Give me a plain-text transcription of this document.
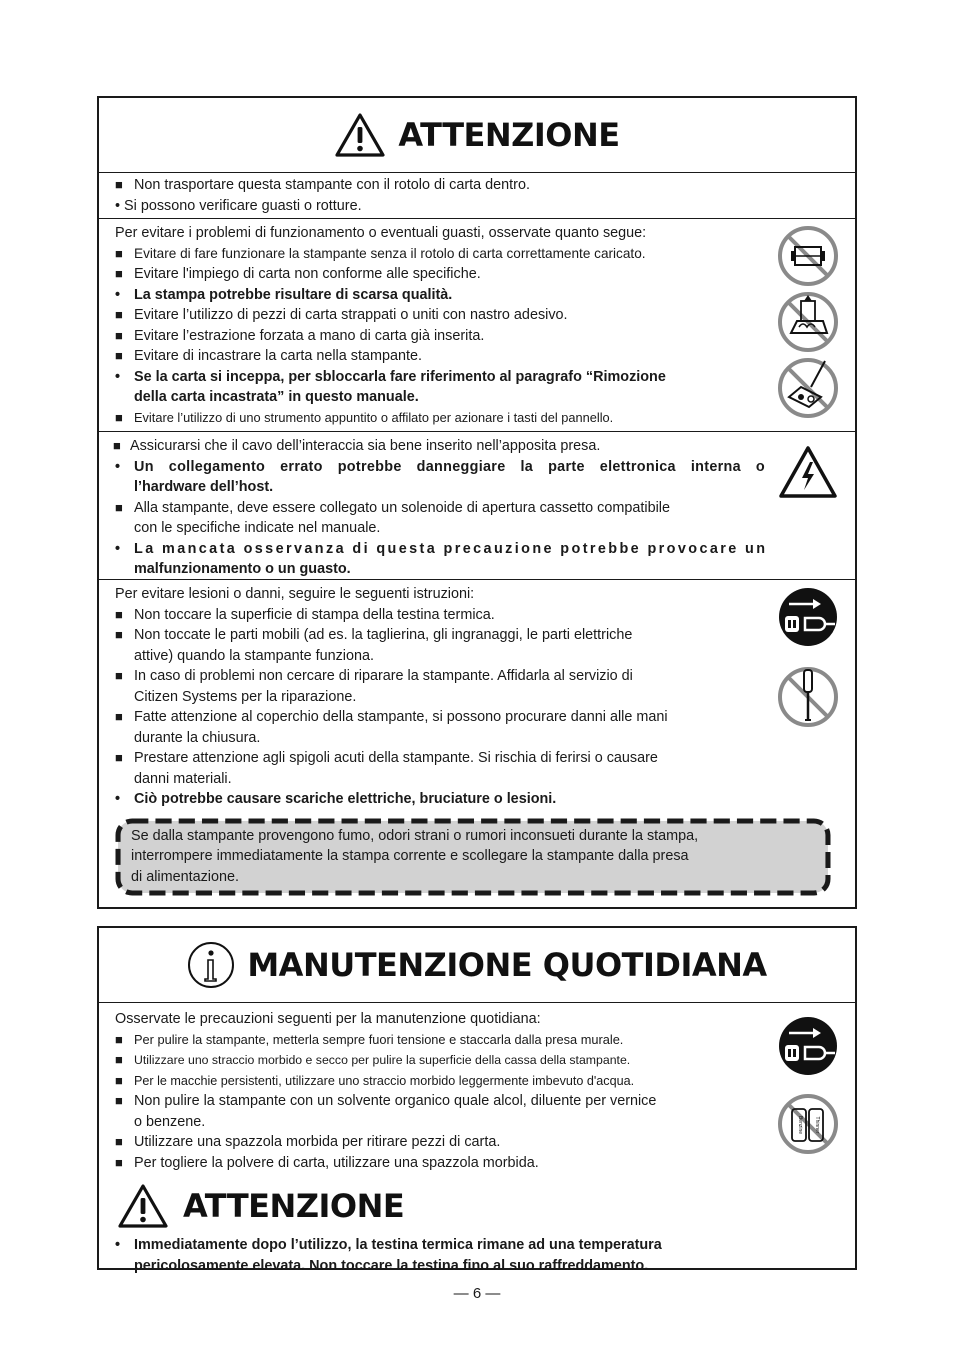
ATTENZIONE
■Non trasportare questa stampante con il rotolo di carta dentro.
• Si possono verificare guasti o rotture.
Per evitare i problemi di funzionamento o eventuali guasti, osservate quanto segue:
■Evitare di fare funzionare la stampante senza il rotolo di carta correttamente caricato.
■Evitare l'impiego di carta non conforme alle specifiche.
•La stampa potrebbe risultare di scarsa qualità.
■Evitare l’utilizzo di pezzi di carta strappati o uniti con nastro adesivo.
■Evitare l’estrazione forzata a mano di carta già inserita.
■Evitare di incastrare la carta nella stampante.
•Se la carta si inceppa, per sbloccarla fare riferimento al paragrafo “Rimozione
della carta incastrata” in questo manuale.
■Evitare l’utilizzo di uno strumento appuntito o affilato per azionare i tasti del pannello.
■Assicurarsi che il cavo dell’interaccia sia bene inserito nell’apposita presa.
•Un collegamento errato potrebbe danneggiare la parte elettronica interna o
l’hardware dell’host.
■Alla stampante, deve essere collegato un solenoide di apertura cassetto compatibile
con le specifiche indicate nel manuale.
•La mancata osservanza di questa precauzione potrebbe provocare un
malfunzionamento o un guasto.
Per evitare lesioni o danni, seguire le seguenti istruzioni:
■Non toccare la superficie di stampa della testina termica.
■Non toccate le parti mobili (ad es. la taglierina, gli ingranaggi, le parti elettriche
attive) quando la stampante funziona.
■In caso di problemi non cercare di riparare la stampante. Affidarla al servizio di
Citizen Systems per la riparazione.
■Fatte attenzione al coperchio della stampante, si possono procurare danni alle mani
durante la chiusura.
■Prestare attenzione agli spigoli acuti della stampante. Si rischia di ferirsi o causare
danni materiali.
•Ciò potrebbe causare scariche elettriche, bruciature o lesioni.
Se dalla stampante provengono fumo, odori strani o rumori inconsueti durante la stampa,
interrompere immediatamente la stampa corrente e scollegare la stampante dalla presa
di alimentazione.
MANUTENZIONE QUOTIDIANA
Osservate le precauzioni seguenti per la manutenzione quotidiana:
■Per pulire la stampante, metterla sempre fuori tensione e staccarla dalla presa murale.
■Utilizzare uno straccio morbido e secco per pulire la superficie della cassa della stampante.
■Per le macchie persistenti, utilizzare uno straccio morbido leggermente imbevuto d'acqua.
■Non pulire la stampante con un solvente organico quale alcol, diluente per vernice
o benzene.
■Utilizzare una spazzola morbida per ritirare pezzi di carta.
■Per togliere la polvere di carta, utilizzare una spazzola morbida.
ATTENZIONE
•Immediatamente dopo l’utilizzo, la testina termica rimane ad una temperatura
pericolosamente elevata. Non toccare la testina fino al suo raffreddamento.
Benzine Thinner
— 6 —
